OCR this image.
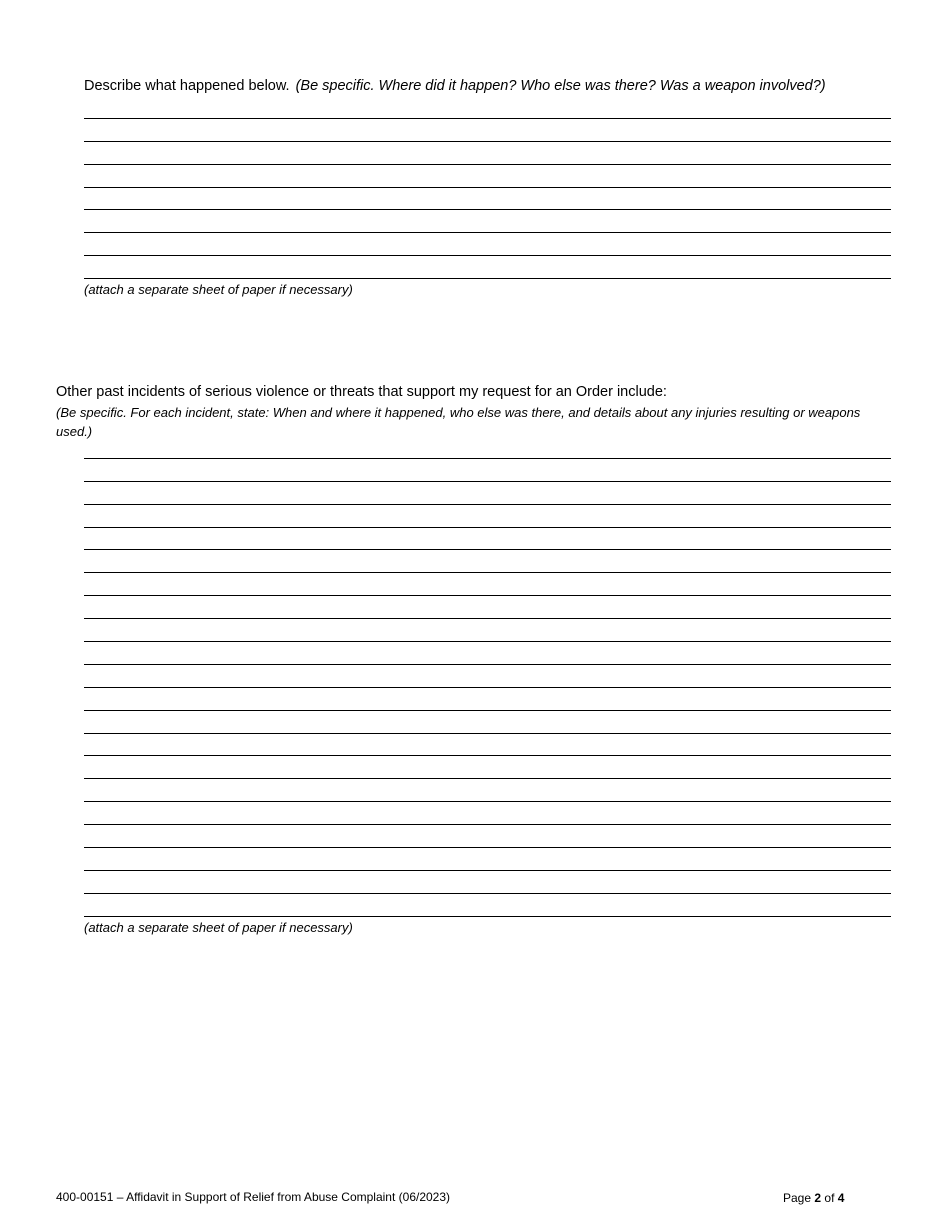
Describe what happened below. (Be specific. Where did it happen? Who else was there? Was a weapon involved?)
(attach a separate sheet of paper if necessary)
Other past incidents of serious violence or threats that support my request for an Order include:
(Be specific. For each incident, state: When and where it happened, who else was there, and details about any injuries resulting or weapons used.)
(attach a separate sheet of paper if necessary)
400-00151 – Affidavit in Support of Relief from Abuse Complaint (06/2023)	Page 2 of 4
